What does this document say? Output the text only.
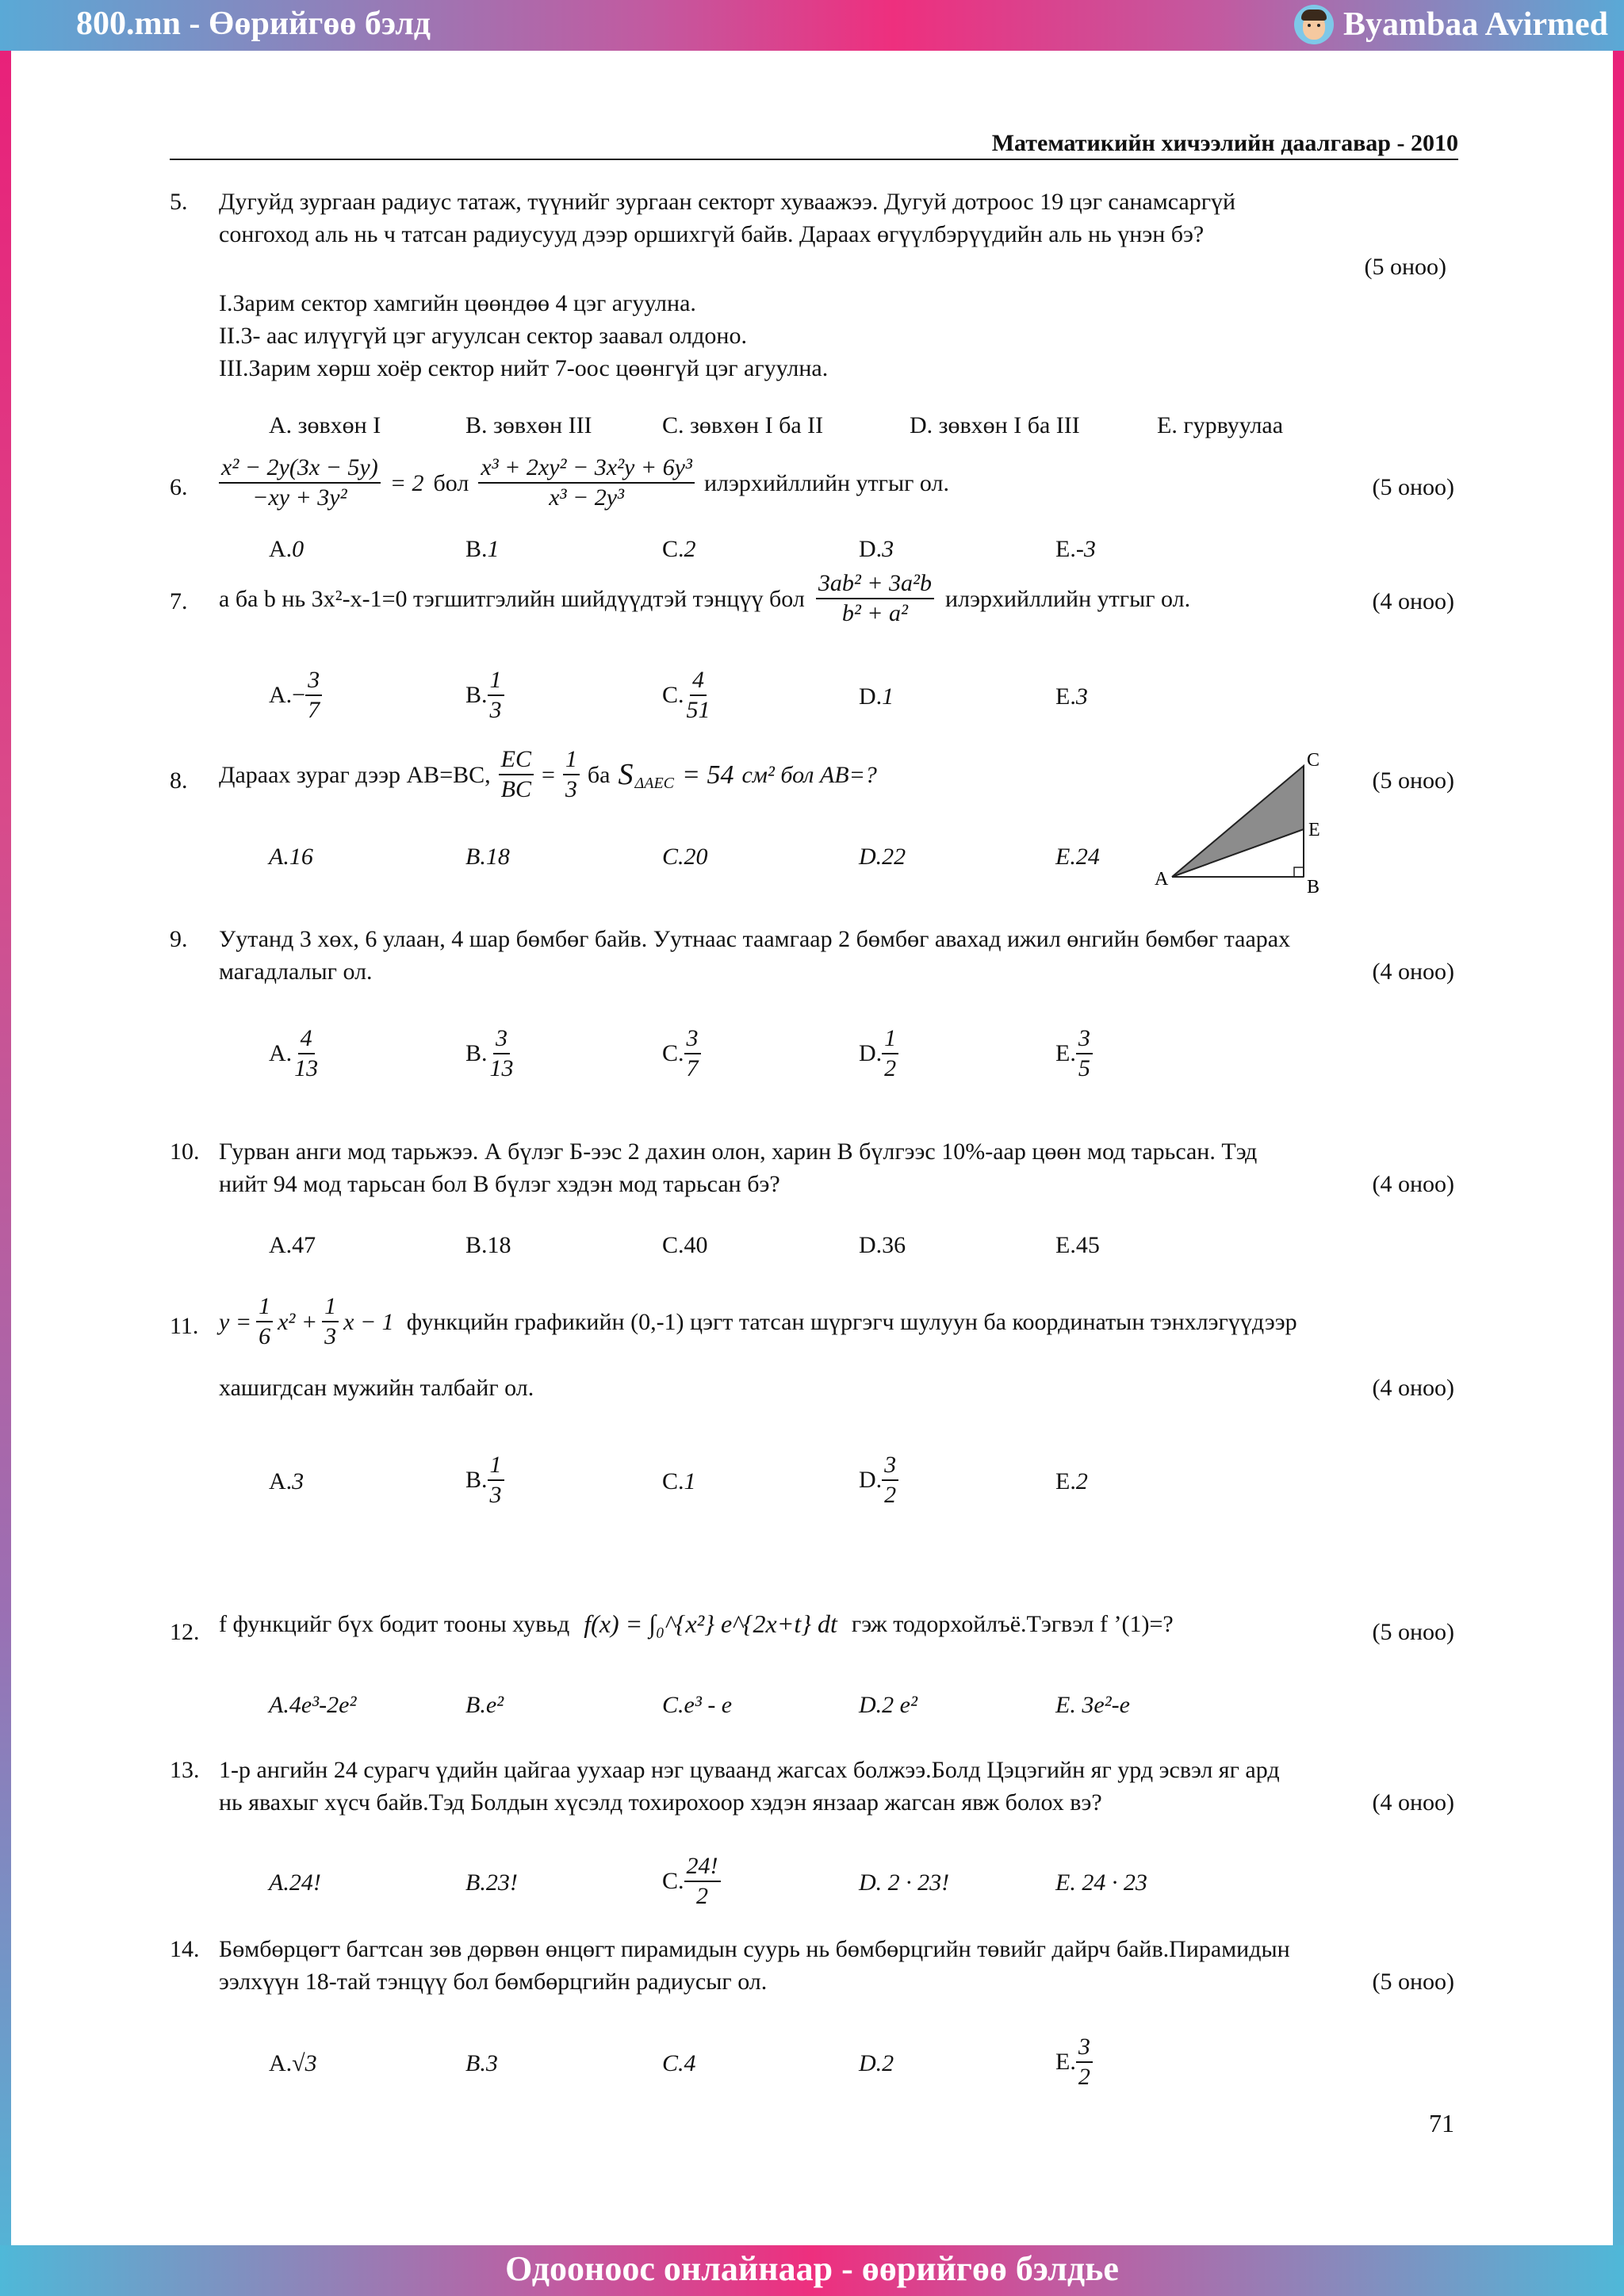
800.mn - Өөрийгөө бэлд	Byambaa Avirmed
Математикийн хичээлийн даалгавар - 2010
5. Дугуйд зургаан радиус татаж, түүнийг зургаан секторт хуваажээ. Дугуй дотроос 19 цэг санамсаргүй
сонгоход аль нь ч татсан радиусууд дээр оршихгүй байв. Дараах өгүүлбэрүүдийн аль нь үнэн бэ?
(5 оноо)
I.Зарим сектор хамгийн цөөндөө 4 цэг агуулна.
II.3- аас илүүгүй цэг агуулсан сектор заавал олдоно.
III.Зарим хөрш хоёр сектор нийт 7-оос цөөнгүй цэг агуулна.
A. зөвхөн I	B. зөвхөн III	C. зөвхөн I ба II	D. зөвхөн I ба III	E. гурвуулаа
6. $\frac{\text{x² − 2y(3x − 5y)}}{\text{−xy + 3y²}} = 2$ бол $\frac{\text{x³ + 2xy² − 3x²y + 6y³}}{\text{x³ − 2y³}}$ илэрхийллийн утгыг ол.	(5 оноо)
A. 0	B. 1	C. 2	D. 3	E. -3
7. a ба b нь 3x²-x-1=0 тэгшитгэлийн шийдүүдтэй тэнцүү бол $\frac{\text{3ab² + 3a²b}}{\text{b² + a²}}$ илэрхийллийн утгыг ол.	(4 оноо)
A. − $\frac{3}{7}$	B. $\frac{1}{3}$	C. $\frac{4}{51}$	D. 1	E. 3
8. Дараах зураг дээр AB=BC, $\frac{EC}{BC} = \frac{1}{3}$ ба S ΔAEC = 54 см² бол AB=?	(5 оноо)
A	B
C
E
A.16	B.18	C.20	D.22	E.24
9. Уутанд 3 хөх, 6 улаан, 4 шар бөмбөг байв. Уутнаас таамгаар 2 бөмбөг авахад ижил өнгийн бөмбөг таарах
магадлалыг ол.	(4 оноо)
A. $\frac{4}{13}$	B. $\frac{3}{13}$	C. $\frac{3}{7}$	D. $\frac{1}{2}$	E. $\frac{3}{5}$
10. Гурван анги мод тарьжээ. А бүлэг Б-ээс 2 дахин олон, харин В бүлгээс 10%-аар цөөн мод тарьсан. Тэд
нийт 94 мод тарьсан бол В бүлэг хэдэн мод тарьсан бэ?	(4 оноо)
A.47	B.18	C.40	D.36	E.45
11. $y = \frac{1}{6} x^2 + \frac{1}{3}$ x − 1 функцийн графикийн (0,-1) цэгт татсан шүргэгч шулуун ба координатын тэнхлэгүүдээр
хашигдсан мужийн талбайг ол.	(4 оноо)
A. 3	B. $\frac{1}{3}$	C. 1	D. $\frac{3}{2}$	E. 2
12. f функцийг бүх бодит тооны хувьд f(x) = ∫₀^{x²} e^{2x+t} dt гэж тодорхойлъё.Тэгвэл f ’(1)=?	(5 оноо)
A.4e³-2e²	B.e²	C.e³ - e	D.2 e²	E. 3e²-e
13. 1-р ангийн 24 сурагч үдийн цайгаа уухаар нэг цуваанд жагсах болжээ.Болд Цэцэгийн яг урд эсвэл яг ард
нь явахыг хүсч байв.Тэд Болдын хүсэлд тохирохоор хэдэн янзаар жагсан явж болох вэ?	(4 оноо)
A.24!	B.23!	C. $\frac{24!}{2}$	D. 2 · 23!	E. 24 · 23
14. Бөмбөрцөгт багтсан зөв дөрвөн өнцөгт пирамидын суурь нь бөмбөрцгийн төвийг дайрч байв.Пирамидын
ээлхүүн 18-тай тэнцүү бол бөмбөрцгийн радиусыг ол.	(5 оноо)
A. √3	B.3	C.4	D.2	E. $\frac{3}{2}$
71
Одоонoос онлайнаар - өөрийгөө бэлдье
